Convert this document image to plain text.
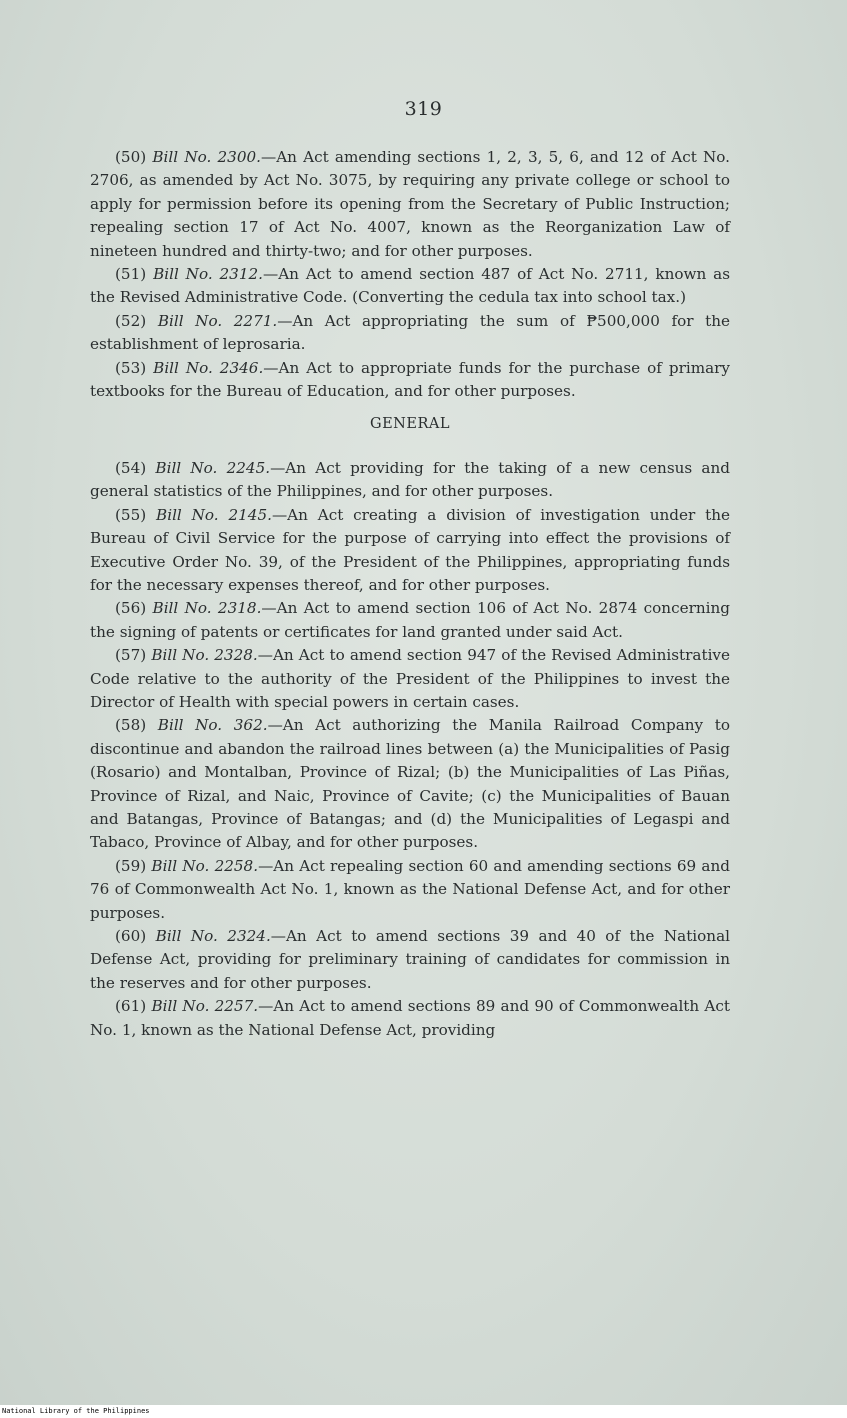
319

(50) Bill No. 2300.—An Act amending sections 1, 2, 3, 5, 6, and 12 of Act No. 2706, as amended by Act No. 3075, by requiring any private college or school to apply for permission before its opening from the Secretary of Public Instruction; repealing section 17 of Act No. 4007, known as the Reorganization Law of nineteen hundred and thirty-two; and for other purposes.

(51) Bill No. 2312.—An Act to amend section 487 of Act No. 2711, known as the Revised Administrative Code. (Converting the cedula tax into school tax.)

(52) Bill No. 2271.—An Act appropriating the sum of ₱500,000 for the establishment of leprosaria.

(53) Bill No. 2346.—An Act to appropriate funds for the purchase of primary textbooks for the Bureau of Education, and for other purposes.

GENERAL

(54) Bill No. 2245.—An Act providing for the taking of a new census and general statistics of the Philippines, and for other purposes.

(55) Bill No. 2145.—An Act creating a division of investigation under the Bureau of Civil Service for the purpose of carrying into effect the provisions of Executive Order No. 39, of the President of the Philippines, appropriating funds for the necessary expenses thereof, and for other purposes.

(56) Bill No. 2318.—An Act to amend section 106 of Act No. 2874 concerning the signing of patents or certificates for land granted under said Act.

(57) Bill No. 2328.—An Act to amend section 947 of the Revised Administrative Code relative to the authority of the President of the Philippines to invest the Director of Health with special powers in certain cases.

(58) Bill No. 362.—An Act authorizing the Manila Railroad Company to discontinue and abandon the railroad lines between (a) the Municipalities of Pasig (Rosario) and Montalban, Province of Rizal; (b) the Municipalities of Las Piñas, Province of Rizal, and Naic, Province of Cavite; (c) the Municipalities of Bauan and Batangas, Province of Batangas; and (d) the Municipalities of Legaspi and Tabaco, Province of Albay, and for other purposes.

(59) Bill No. 2258.—An Act repealing section 60 and amending sections 69 and 76 of Commonwealth Act No. 1, known as the National Defense Act, and for other purposes.

(60) Bill No. 2324.—An Act to amend sections 39 and 40 of the National Defense Act, providing for preliminary training of candidates for commission in the reserves and for other purposes.

(61) Bill No. 2257.—An Act to amend sections 89 and 90 of Commonwealth Act No. 1, known as the National Defense Act, providing

National Library of the Philippines
